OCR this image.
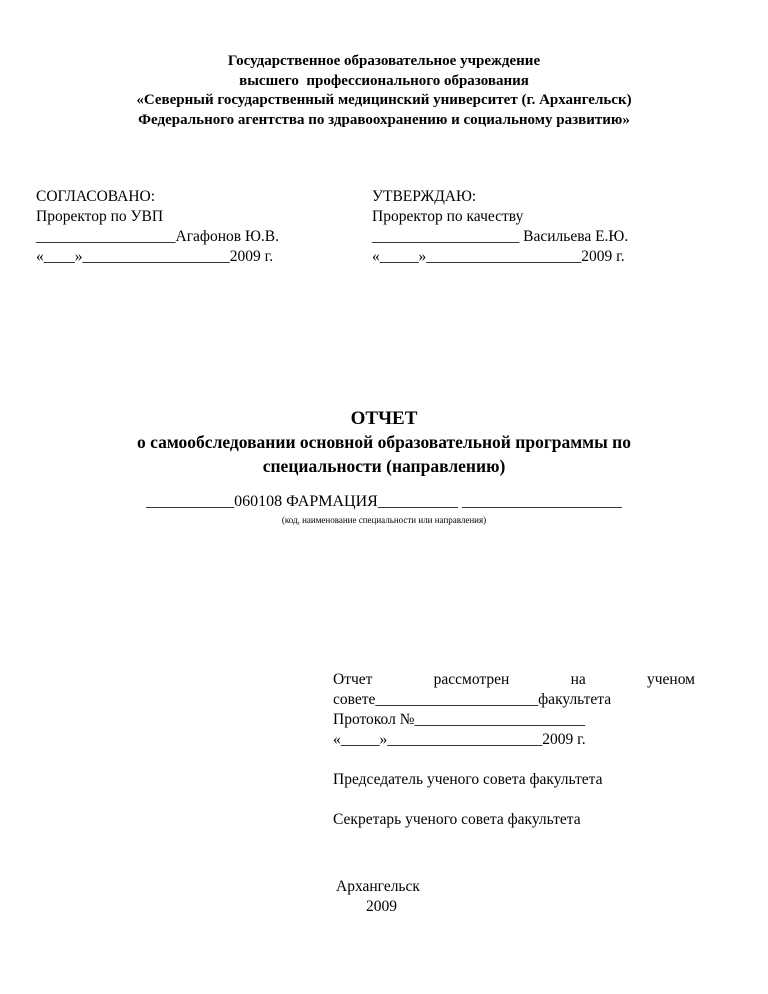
Государственное образовательное учреждение
высшего  профессионального образования
«Северный государственный медицинский университет (г. Архангельск)
Федерального агентства по здравоохранению и социальному развитию»
СОГЛАСОВАНО:
Проректор по УВП
__________________Агафонов Ю.В.
«____»___________________2009 г.
УТВЕРЖДАЮ:
Проректор по качеству
___________________ Васильева Е.Ю.
«_____»____________________2009 г.
ОТЧЕТ
о самообследовании основной образовательной программы по
специальности (направлению)
___________060108 ФАРМАЦИЯ__________ ____________________
(код, наименование специальности или направления)
Отчет	рассмотрен	на	ученом
совете_____________________факультета
Протокол №______________________
«_____»____________________2009 г.
Председатель ученого совета факультета
Секретарь ученого совета факультета
Архангельск
2009
